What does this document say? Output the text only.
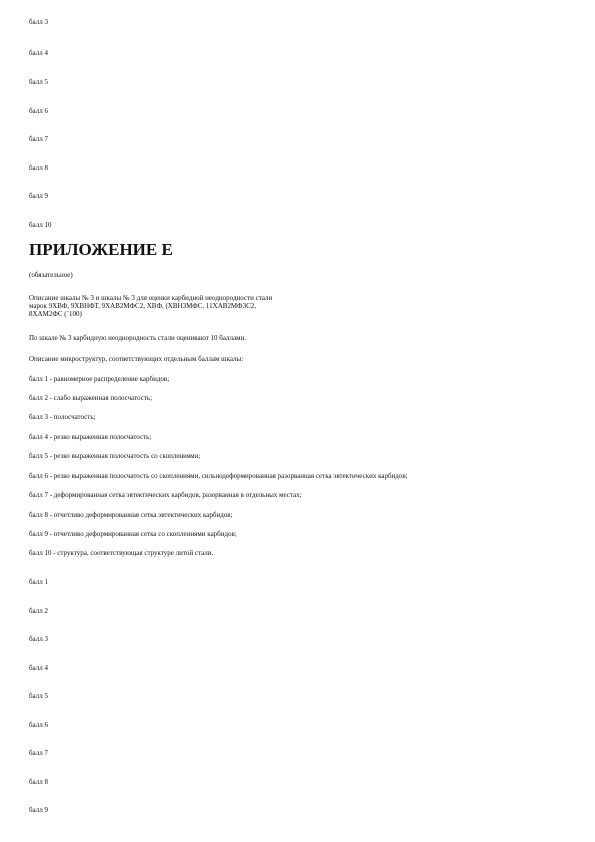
балл 3

балл 4

балл 5

балл 6

балл 7

балл 8

балл 9

балл 10

ПРИЛОЖЕНИЕ Е

(обязательное)

Описание шкалы № 3 и шкалы № 3 для оценки карбидной неоднородности стали
марок 9ХВФ, 9ХВНФТ, 9ХАВ2МФС2, ХВФ, (ХВН3МФС, 11ХАВ2МФ3С2,
8ХАМ2ФС (´100)

По шкале № 3 карбидную неоднородность стали оценивают 10 баллами.

Описание микроструктур, соответствующих отдельным баллам шкалы:

балл 1 - равномерное распределение карбидов;

балл 2 - слабо выраженная полосчатость;

балл 3 - полосчатость;

балл 4 - резко выраженная полосчатость;

балл 5 - резко выраженная полосчатость со скоплениями;

балл 6 - резко выраженная полосчатость со скоплениями, сильнодеформированная разорванная сетка эвтектических карбидов;

балл 7 - деформированная сетка эвтектических карбидов, разорванная в отдельных местах;

балл 8 - отчетливо деформированная сетка эвтектических карбидов;

балл 9 - отчетливо деформированная сетка со скоплениями карбидов;

балл 10 - структура, соответствующая структуре литой стали.

балл 1

балл 2

балл 3

балл 4

балл 5

балл 6

балл 7

балл 8

балл 9
